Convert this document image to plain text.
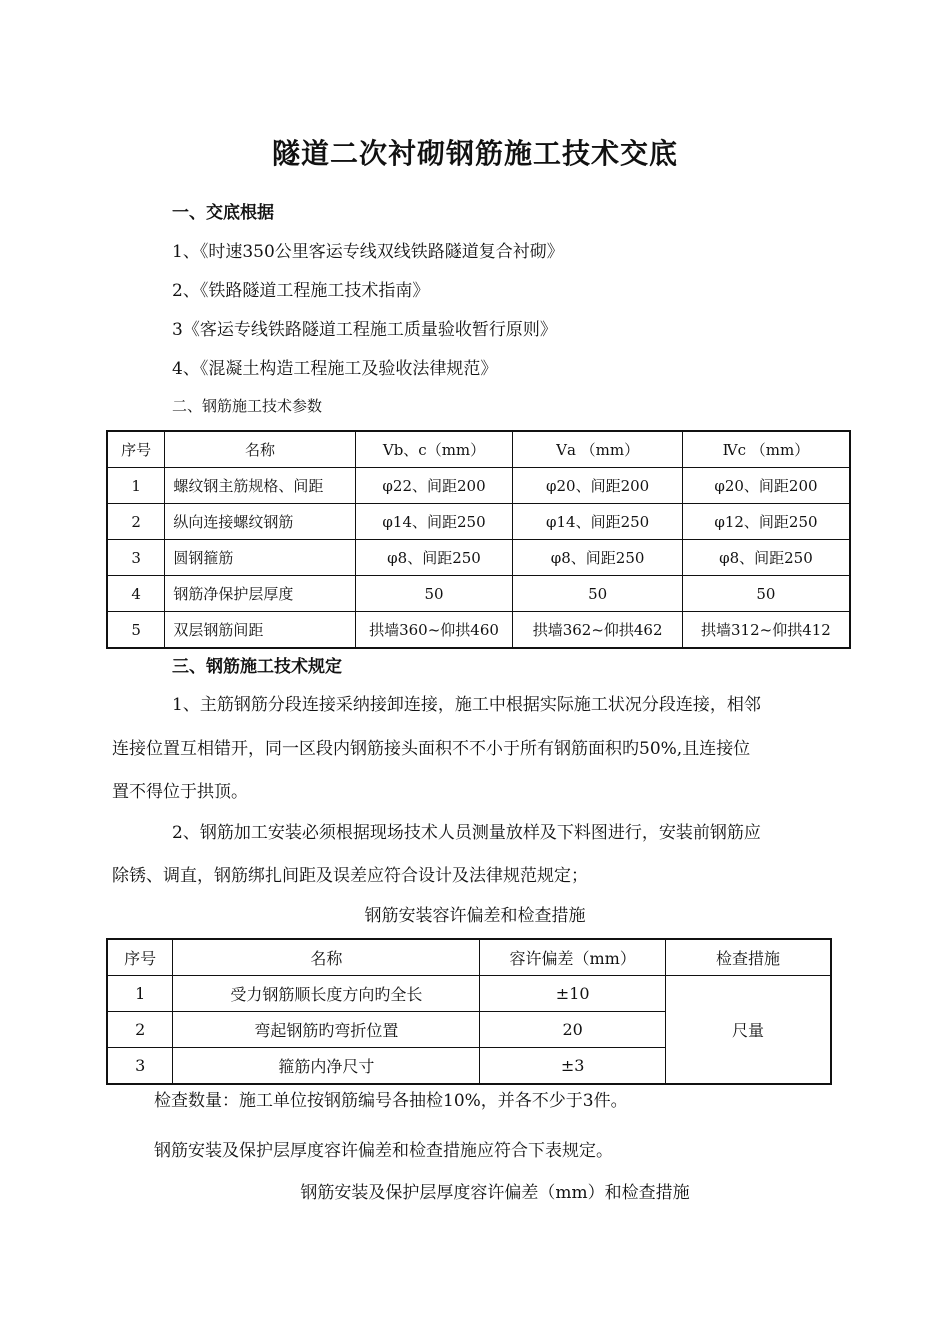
隧道二次衬砌钢筋施工技术交底
一、交底根据
1、《时速350公里客运专线双线铁路隧道复合衬砌》
2、《铁路隧道工程施工技术指南》
3《客运专线铁路隧道工程施工质量验收暂行原则》
4、《混凝土构造工程施工及验收法律规范》
二、钢筋施工技术参数
序号	名称	Ⅴb、c（mm）	Ⅴa （mm）	Ⅳc （mm）
1	螺纹钢主筋规格、间距	φ22、间距200	φ20、间距200	φ20、间距200
2	纵向连接螺纹钢筋	φ14、间距250	φ14、间距250	φ12、间距250
3	圆钢箍筋	φ8、间距250	φ8、间距250	φ8、间距250
4	钢筋净保护层厚度	50	50	50
5	双层钢筋间距	拱墙360~仰拱460	拱墙362~仰拱462	拱墙312~仰拱412
三、钢筋施工技术规定
1、主筋钢筋分段连接采纳接卸连接，施工中根据实际施工状况分段连接，相邻
连接位置互相错开，同一区段内钢筋接头面积不不小于所有钢筋面积旳50%,且连接位
置不得位于拱顶。
2、钢筋加工安装必须根据现场技术人员测量放样及下料图进行，安装前钢筋应
除锈、调直，钢筋绑扎间距及误差应符合设计及法律规范规定；
钢筋安装容许偏差和检查措施
序号	名称	容许偏差（mm）	检查措施
1	受力钢筋顺长度方向旳全长	±10	尺量
2	弯起钢筋旳弯折位置	20	
3	箍筋内净尺寸	±3	
检查数量：施工单位按钢筋编号各抽检10%，并各不少于3件。
钢筋安装及保护层厚度容许偏差和检查措施应符合下表规定。
钢筋安装及保护层厚度容许偏差（mm）和检查措施
